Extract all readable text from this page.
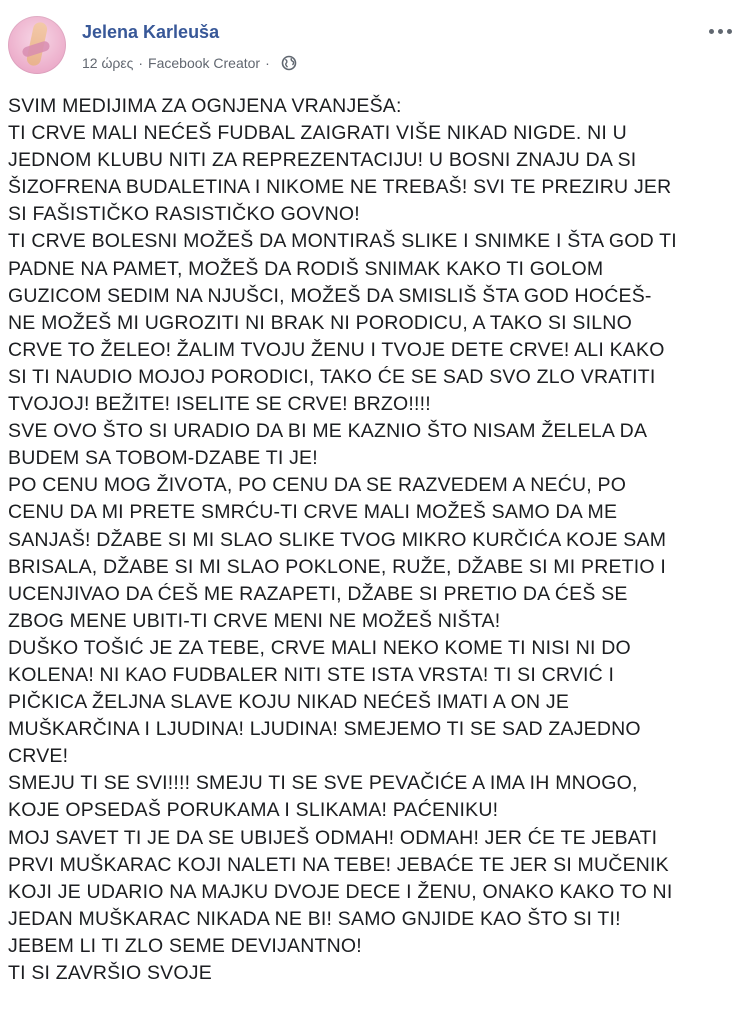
Jelena Karleuša
12 ώρες · Facebook Creator ·
SVIM MEDIJIMA ZA OGNJENA VRANJEŠA:
TI CRVE MALI NEĆEŠ FUDBAL ZAIGRATI VIŠE NIKAD NIGDE. NI U
JEDNOM KLUBU NITI ZA REPREZENTACIJU! U BOSNI ZNAJU DA SI
ŠIZOFRENA BUDALETINA I NIKOME NE TREBAŠ! SVI TE PREZIRU JER
SI FAŠISTIČKO RASISTIČKO GOVNO!
TI CRVE BOLESNI MOŽEŠ DA MONTIRAŠ SLIKE I SNIMKE I ŠTA GOD TI
PADNE NA PAMET, MOŽEŠ DA RODIŠ SNIMAK KAKO TI GOLOM
GUZICOM SEDIM NA NJUŠCI, MOŽEŠ DA SMISLIŠ ŠTA GOD HOĆEŠ-
NE MOŽEŠ MI UGROZITI NI BRAK NI PORODICU, A TAKO SI SILNO
CRVE TO ŽELEO! ŽALIM TVOJU ŽENU I TVOJE DETE CRVE! ALI KAKO
SI TI NAUDIO MOJOJ PORODICI, TAKO ĆE SE SAD SVO ZLO VRATITI
TVOJOJ! BEŽITE! ISELITE SE CRVE! BRZO!!!!
SVE OVO ŠTO SI URADIO DA BI ME KAZNIO ŠTO NISAM ŽELELA DA
BUDEM SA TOBOM-DZABE TI JE!
PO CENU MOG ŽIVOTA, PO CENU DA SE RAZVEDEM A NEĆU, PO
CENU DA MI PRETE SMRĆU-TI CRVE MALI MOŽEŠ SAMO DA ME
SANJAŠ! DŽABE SI MI SLAO SLIKE TVOG MIKRO KURČIĆA KOJE SAM
BRISALA, DŽABE SI MI SLAO POKLONE, RUŽE, DŽABE SI MI PRETIO I
UCENJIVAO DA ĆEŠ ME RAZAPETI, DŽABE SI PRETIO DA ĆEŠ SE
ZBOG MENE UBITI-TI CRVE MENI NE MOŽEŠ NIŠTA!
DUŠKO TOŠIĆ JE ZA TEBE, CRVE MALI NEKO KOME TI NISI NI DO
KOLENA! NI KAO FUDBALER NITI STE ISTA VRSTA! TI SI CRVIĆ I
PIČKICA ŽELJNA SLAVE KOJU NIKAD NEĆEŠ IMATI A ON JE
MUŠKARČINA I LJUDINA! LJUDINA! SMEJEMO TI SE SAD ZAJEDNO
CRVE!
SMEJU TI SE SVI!!!! SMEJU TI SE SVE PEVAČIĆE A IMA IH MNOGO,
KOJE OPSEDAŠ PORUKAMA I SLIKAMA! PAĆENIKU!
MOJ SAVET TI JE DA SE UBIJEŠ ODMAH! ODMAH! JER ĆE TE JEBATI
PRVI MUŠKARAC KOJI NALETI NA TEBE! JEBAĆE TE JER SI MUČENIK
KOJI JE UDARIO NA MAJKU DVOJE DECE I ŽENU, ONAKO KAKO TO NI
JEDAN MUŠKARAC NIKADA NE BI! SAMO GNJIDE KAO ŠTO SI TI!
JEBEM LI TI ZLO SEME DEVIJANTNO!
TI SI ZAVRŠIO SVOJE
